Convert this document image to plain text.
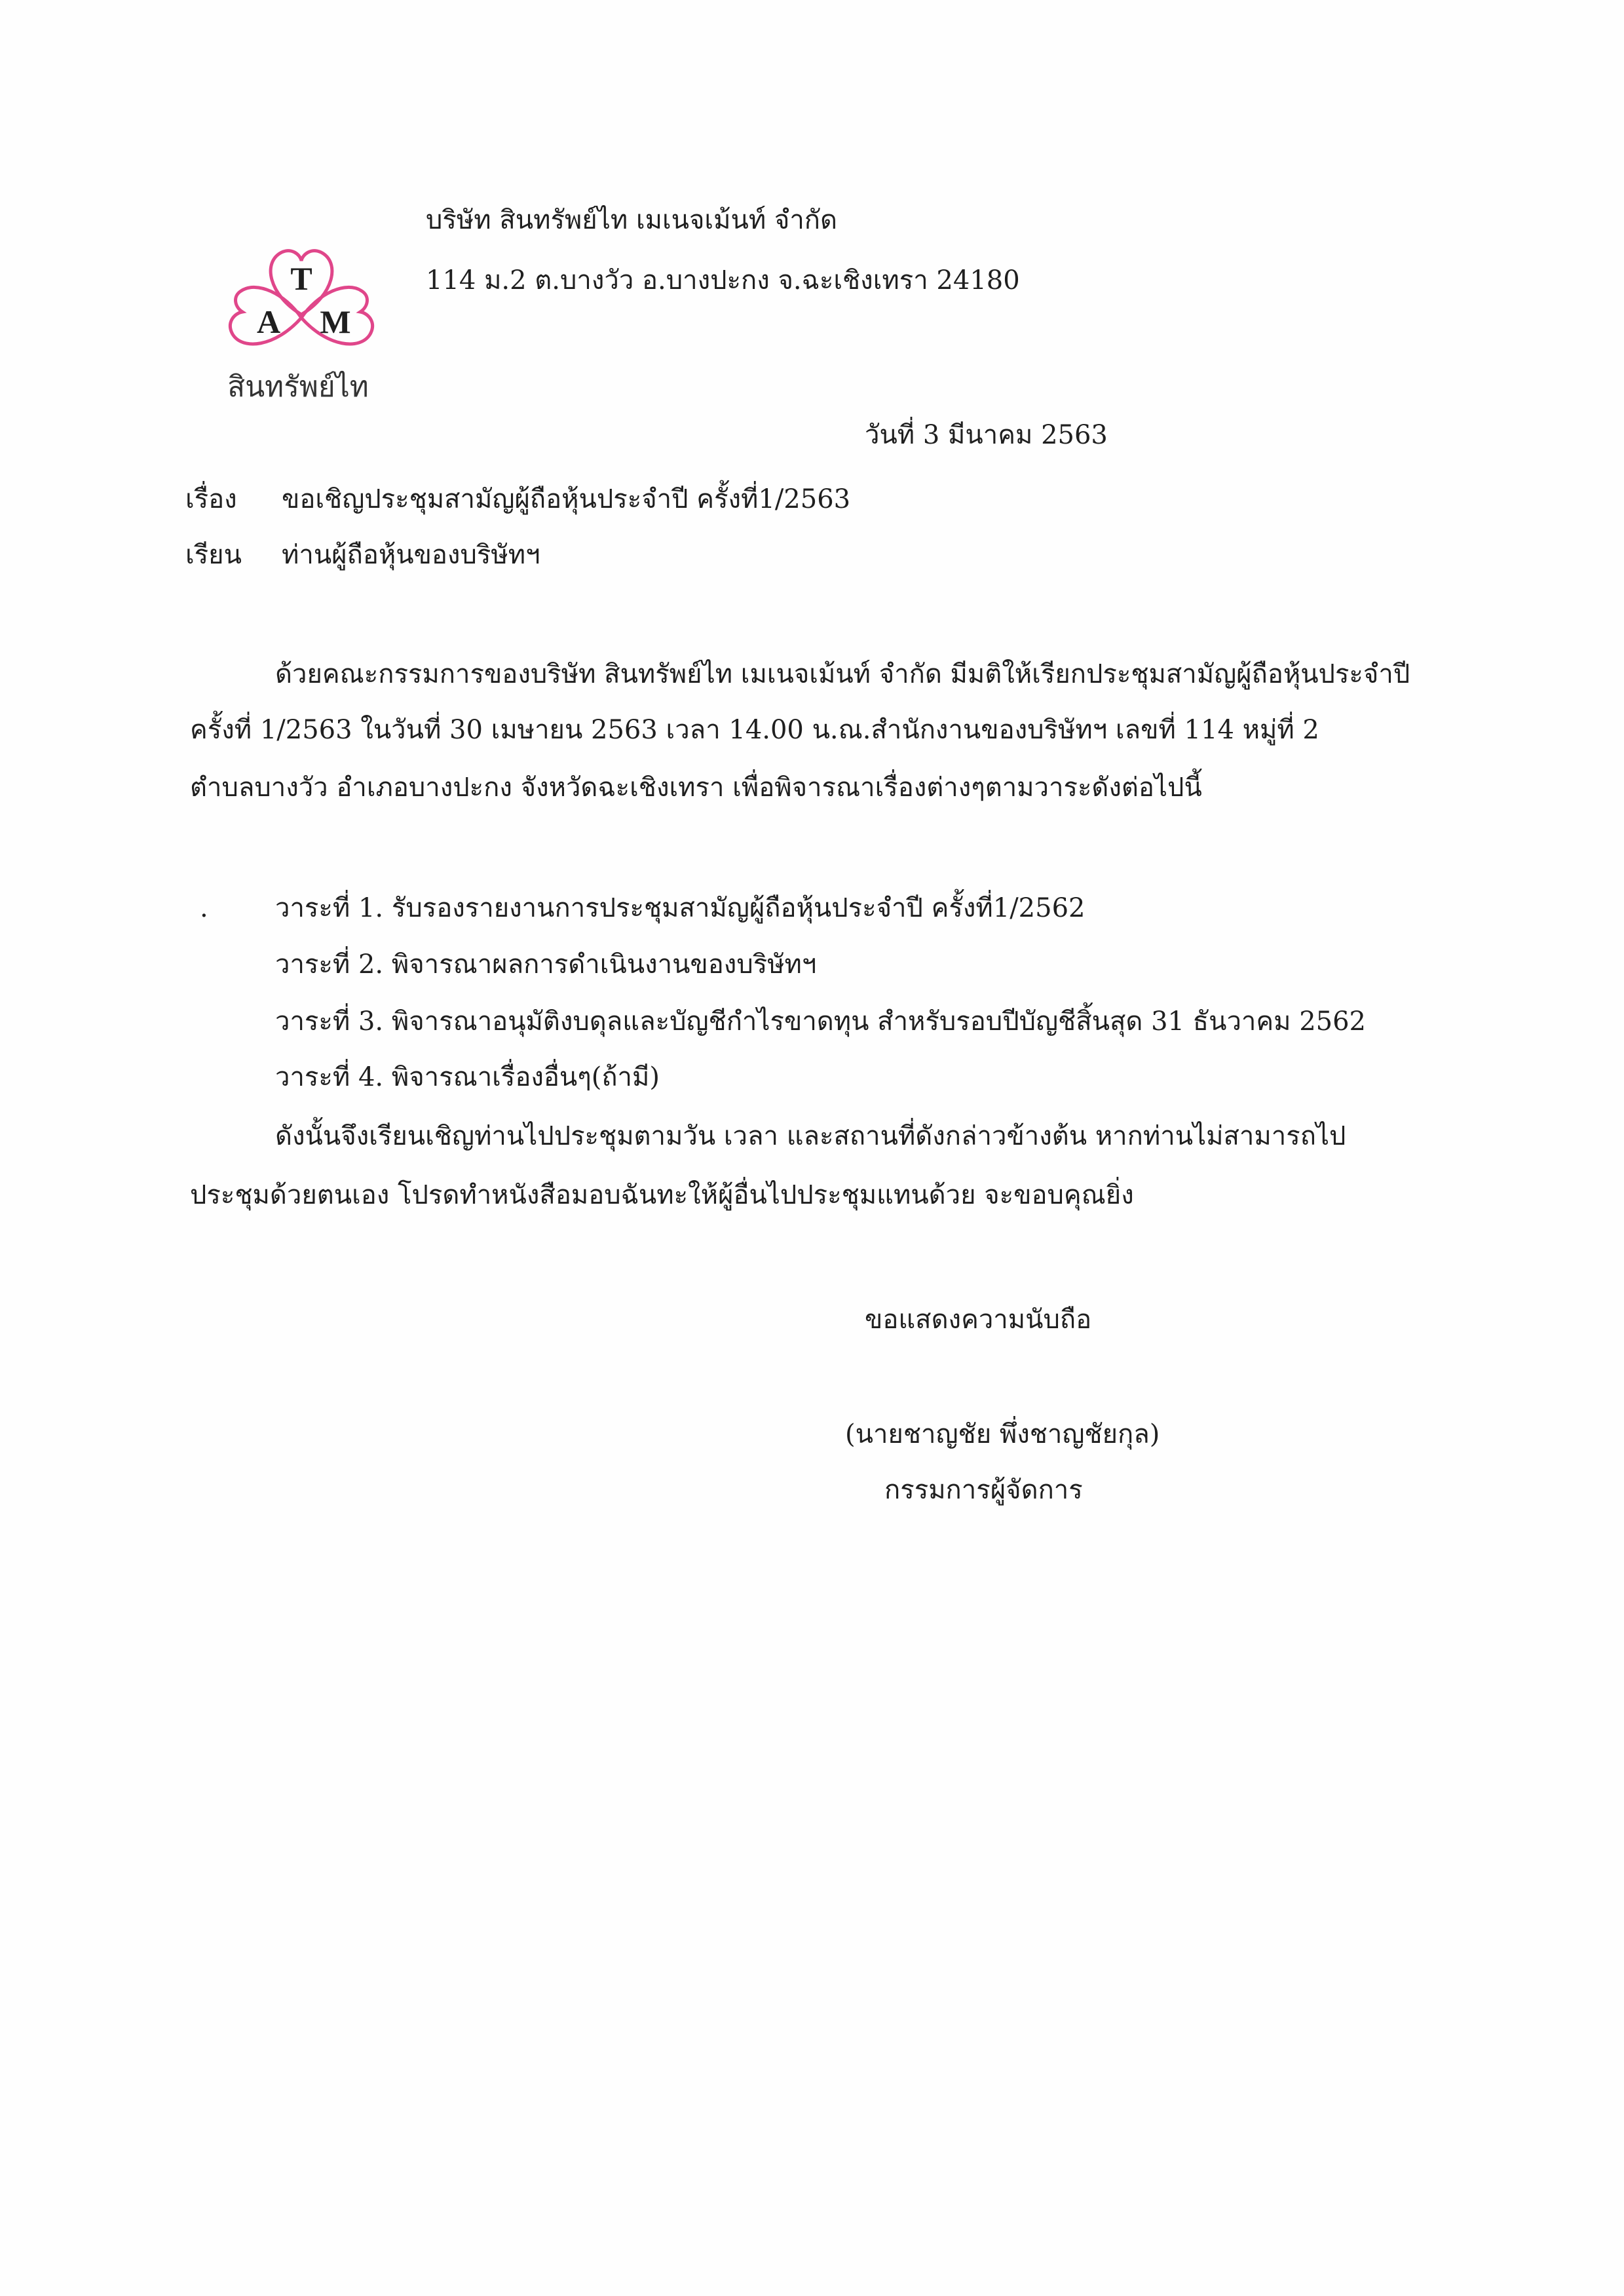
T
A M
สินทรัพย์ไท
บริษัท สินทรัพย์ไท เมเนจเม้นท์ จำกัด
114 ม.2 ต.บางวัว อ.บางปะกง จ.ฉะเชิงเทรา 24180
วันที่ 3 มีนาคม 2563
เรื่อง ขอเชิญประชุมสามัญผู้ถือหุ้นประจำปี ครั้งที่1/2563
เรียน ท่านผู้ถือหุ้นของบริษัทฯ
ด้วยคณะกรรมการของบริษัท สินทรัพย์ไท เมเนจเม้นท์ จำกัด มีมติให้เรียกประชุมสามัญผู้ถือหุ้นประจำปี
ครั้งที่ 1/2563 ในวันที่ 30 เมษายน 2563 เวลา 14.00 น.ณ.สำนักงานของบริษัทฯ เลขที่ 114 หมู่ที่ 2
ตำบลบางวัว อำเภอบางปะกง จังหวัดฉะเชิงเทรา เพื่อพิจารณาเรื่องต่างๆตามวาระดังต่อไปนี้
.	วาระที่ 1. รับรองรายงานการประชุมสามัญผู้ถือหุ้นประจำปี ครั้งที่1/2562
วาระที่ 2. พิจารณาผลการดำเนินงานของบริษัทฯ
วาระที่ 3. พิจารณาอนุมัติงบดุลและบัญชีกำไรขาดทุน สำหรับรอบปีบัญชีสิ้นสุด 31 ธันวาคม 2562
วาระที่ 4. พิจารณาเรื่องอื่นๆ(ถ้ามี)
ดังนั้นจึงเรียนเชิญท่านไปประชุมตามวัน เวลา และสถานที่ดังกล่าวข้างต้น หากท่านไม่สามารถไป
ประชุมด้วยตนเอง โปรดทำหนังสือมอบฉันทะให้ผู้อื่นไปประชุมแทนด้วย จะขอบคุณยิ่ง
ขอแสดงความนับถือ
(นายชาญชัย พึ่งชาญชัยกุล)
กรรมการผู้จัดการ
